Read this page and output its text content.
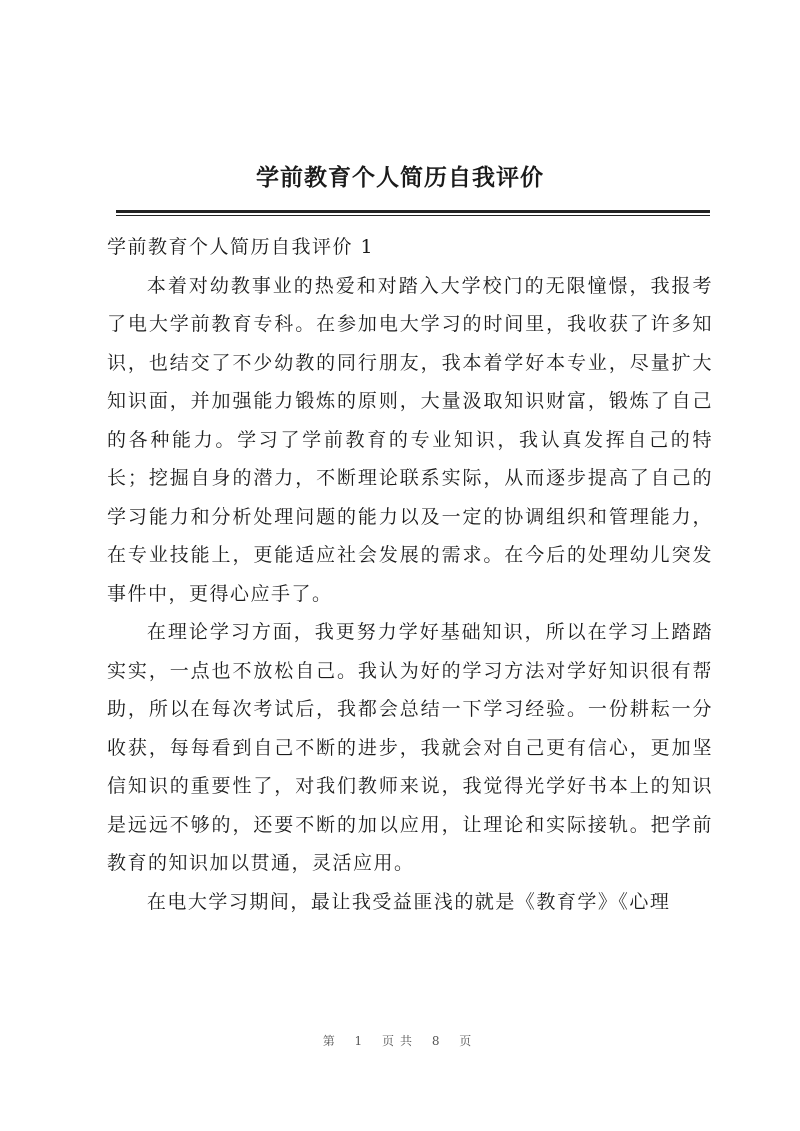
学前教育个人简历自我评价

学前教育个人简历自我评价 1

本着对幼教事业的热爱和对踏入大学校门的无限憧憬，我报考了电大学前教育专科。在参加电大学习的时间里，我收获了许多知识，也结交了不少幼教的同行朋友，我本着学好本专业，尽量扩大知识面，并加强能力锻炼的原则，大量汲取知识财富，锻炼了自己的各种能力。学习了学前教育的专业知识，我认真发挥自己的特长；挖掘自身的潜力，不断理论联系实际，从而逐步提高了自己的学习能力和分析处理问题的能力以及一定的协调组织和管理能力，在专业技能上，更能适应社会发展的需求。在今后的处理幼儿突发事件中，更得心应手了。

在理论学习方面，我更努力学好基础知识，所以在学习上踏踏实实，一点也不放松自己。我认为好的学习方法对学好知识很有帮助，所以在每次考试后，我都会总结一下学习经验。一份耕耘一分收获，每每看到自己不断的进步，我就会对自己更有信心，更加坚信知识的重要性了，对我们教师来说，我觉得光学好书本上的知识是远远不够的，还要不断的加以应用，让理论和实际接轨。把学前教育的知识加以贯通，灵活应用。

在电大学习期间，最让我受益匪浅的就是《教育学》《心理

第 1 页共 8 页
